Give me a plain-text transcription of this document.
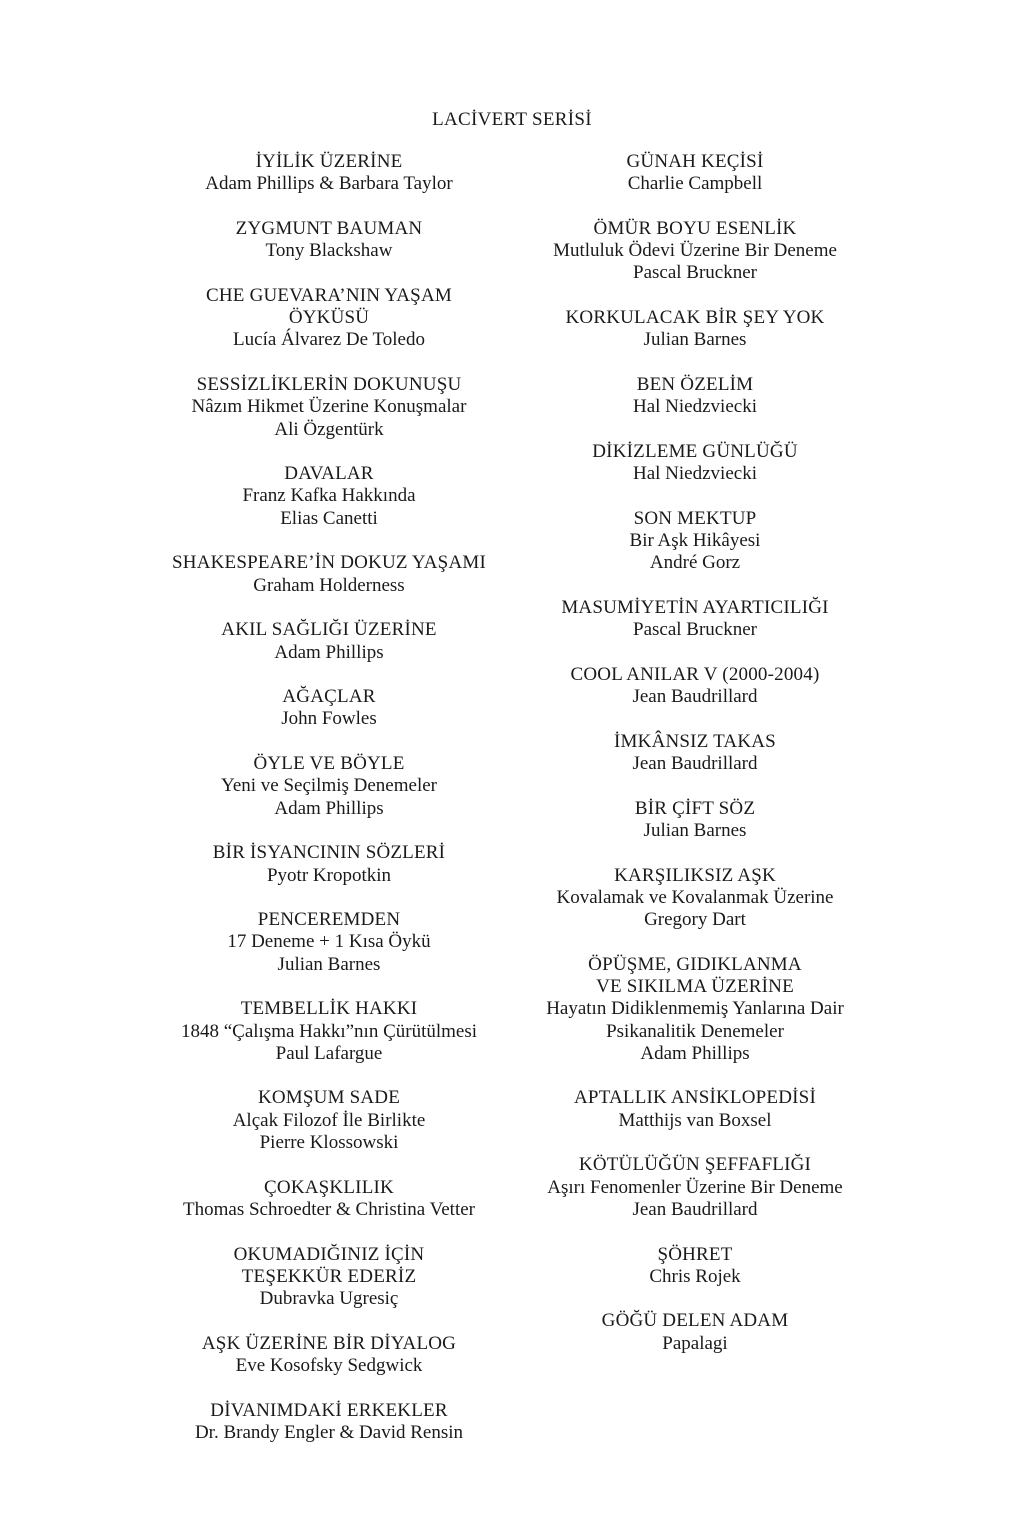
LACİVERT SERİSİ
İYİLİK ÜZERİNE
Adam Phillips & Barbara Taylor
ZYGMUNT BAUMAN
Tony Blackshaw
CHE GUEVARA’NIN YAŞAM
ÖYKÜSÜ
Lucía Álvarez De Toledo
SESSİZLİKLERİN DOKUNUŞU
Nâzım Hikmet Üzerine Konuşmalar
Ali Özgentürk
DAVALAR
Franz Kafka Hakkında
Elias Canetti
SHAKESPEARE’İN DOKUZ YAŞAMI
Graham Holderness
AKIL SAĞLIĞI ÜZERİNE
Adam Phillips
AĞAÇLAR
John Fowles
ÖYLE VE BÖYLE
Yeni ve Seçilmiş Denemeler
Adam Phillips
BİR İSYANCININ SÖZLERİ
Pyotr Kropotkin
PENCEREMDEN
17 Deneme + 1 Kısa Öykü
Julian Barnes
TEMBELLİK HAKKI
1848 “Çalışma Hakkı”nın Çürütülmesi
Paul Lafargue
KOMŞUM SADE
Alçak Filozof İle Birlikte
Pierre Klossowski
ÇOKAŞKLILIK
Thomas Schroedter & Christina Vetter
OKUMADIĞINIZ İÇİN
TEŞEKKÜR EDERİZ
Dubravka Ugresiç
AŞK ÜZERİNE BİR DİYALOG
Eve Kosofsky Sedgwick
DİVANIMDAKİ ERKEKLER
Dr. Brandy Engler & David Rensin
GÜNAH KEÇİSİ
Charlie Campbell
ÖMÜR BOYU ESENLİK
Mutluluk Ödevi Üzerine Bir Deneme
Pascal Bruckner
KORKULACAK BİR ŞEY YOK
Julian Barnes
BEN ÖZELİM
Hal Niedzviecki
DİKİZLEME GÜNLÜĞÜ
Hal Niedzviecki
SON MEKTUP
Bir Aşk Hikâyesi
André Gorz
MASUMİYETİN AYARTICILIĞI
Pascal Bruckner
COOL ANILAR V (2000-2004)
Jean Baudrillard
İMKÂNSIZ TAKAS
Jean Baudrillard
BİR ÇİFT SÖZ
Julian Barnes
KARŞILIKSIZ AŞK
Kovalamak ve Kovalanmak Üzerine
Gregory Dart
ÖPÜŞME, GIDIKLANMA
VE SIKILMA ÜZERİNE
Hayatın Didiklenmemiş Yanlarına Dair
Psikanalitik Denemeler
Adam Phillips
APTALLIK ANSİKLOPEDİSİ
Matthijs van Boxsel
KÖTÜLÜĞÜN ŞEFFAFLIĞI
Aşırı Fenomenler Üzerine Bir Deneme
Jean Baudrillard
ŞÖHRET
Chris Rojek
GÖĞÜ DELEN ADAM
Papalagi
